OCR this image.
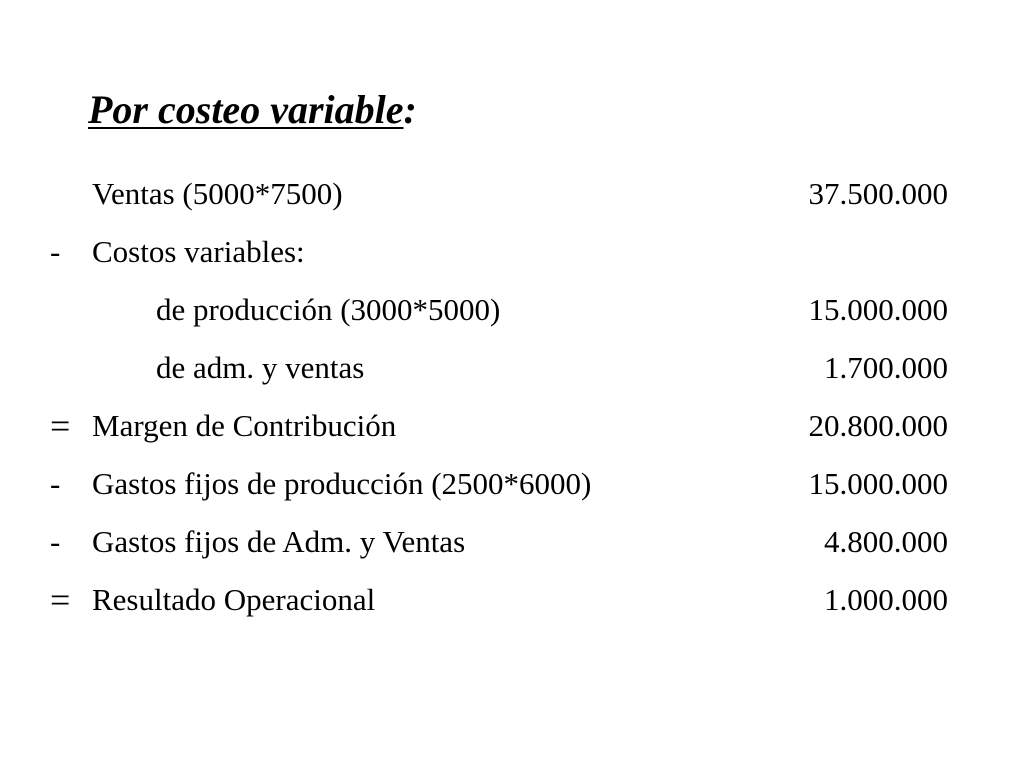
Por costeo variable:
Ventas (5000*7500)	37.500.000
-	Costos variables:
de producción (3000*5000)	15.000.000
de adm. y ventas	1.700.000
= Margen de Contribución	20.800.000
-	Gastos fijos de producción (2500*6000)	15.000.000
-	Gastos fijos de Adm. y Ventas	4.800.000
= Resultado Operacional	1.000.000
